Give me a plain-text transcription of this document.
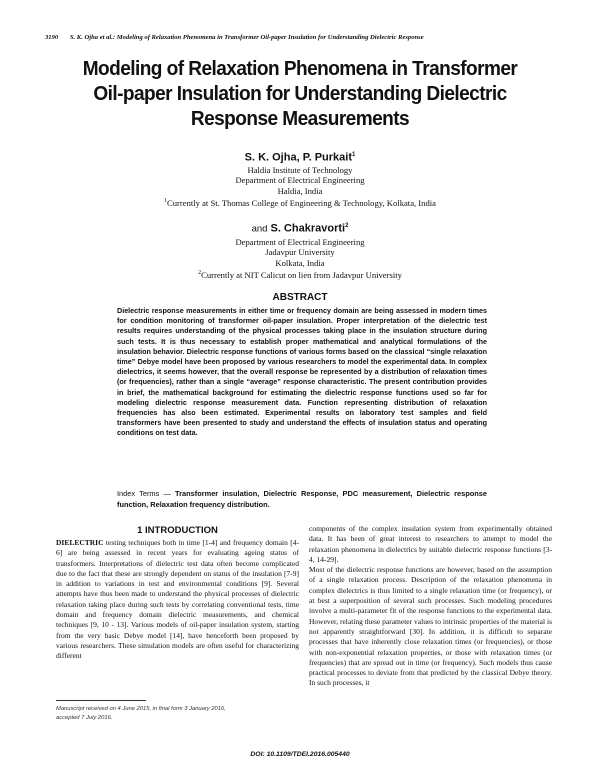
3190 S. K. Ojha et al.: Modeling of Relaxation Phenomena in Transformer Oil-paper Insulation for Understanding Dielectric Response
Modeling of Relaxation Phenomena in Transformer
Oil-paper Insulation for Understanding Dielectric
Response Measurements
S. K. Ojha, P. Purkait$^1$
Haldia Institute of Technology
Department of Electrical Engineering
Haldia, India
$^1$Currently at St. Thomas College of Engineering & Technology, Kolkata, India
and S. Chakravorti$^2$
Department of Electrical Engineering
Jadavpur University
Kolkata, India
$^2$Currently at NIT Calicut on lien from Jadavpur University
ABSTRACT
Dielectric response measurements in either time or frequency domain are being assessed in modern times for condition monitoring of transformer oil-paper insulation. Proper interpretation of the dielectric test results requires understanding of the physical processes taking place in the insulation structure during such tests. It is thus necessary to establish proper mathematical and analytical formulations of the insulation behavior. Dielectric response functions of various forms based on the classical “single relaxation time” Debye model have been proposed by various researchers to model the experimental data. In complex dielectrics, it seems however, that the overall response be represented by a distribution of relaxation times (or frequencies), rather than a single “average” response characteristic. The present contribution provides in brief, the mathematical background for estimating the dielectric response functions used so far for modeling dielectric response measurement data. Function representing distribution of relaxation frequencies has also been estimated. Experimental results on laboratory test samples and field transformers have been presented to study and understand the effects of insulation status and operating conditions on test data.
Index Terms — Transformer insulation, Dielectric Response, PDC measurement, Dielectric response function, Relaxation frequency distribution.
1 INTRODUCTION

DIELECTRIC testing techniques both in time [1-4] and frequency domain [4-6] are being assessed in recent years for evaluating ageing status of transformers. Interpretations of dielectric test data often become complicated due to the fact that these are strongly dependent on status of the insulation [7-9] in addition to variations in test and environmental conditions [9]. Several attempts have thus been made to understand the physical processes of dielectric relaxation taking place during such tests by correlating conventional tests, time domain and frequency domain dielectric measurements, and chemical techniques [9, 10 - 13]. Various models of oil-paper insulation system, starting from the very basic Debye model [14], have henceforth been proposed by various researchers. These simulation models are often useful for characterizing different

components of the complex insulation system from experimentally obtained data. It has been of great interest to researchers to attempt to model the relaxation phenomena in dielectrics by suitable dielectric response functions [3-4, 14-29].

Most of the dielectric response functions are however, based on the assumption of a single relaxation process. Description of the relaxation phenomena in complex dielectrics is thus limited to a single relaxation time (or frequency), or at best a superposition of several such processes. Such modeling procedures involve a multi-parameter fit of the response functions to the experimental data. However, relating these parameter values to intrinsic properties of the material is not apparently straightforward [30]. In addition, it is difficult to separate processes that have inherently close relaxation times (or frequencies), or those with non-exponential relaxation properties, or those with relaxation times (or frequencies) that are spread out in time (or frequency). Such models thus cause practical processes to deviate from that predicted by the classical Debye theory. In such processes, it

Manuscript received on 4 June 2015, in final form 3 January 2016,
accepted 7 July 2016.
DOI: 10.1109/TDEI.2016.005440
